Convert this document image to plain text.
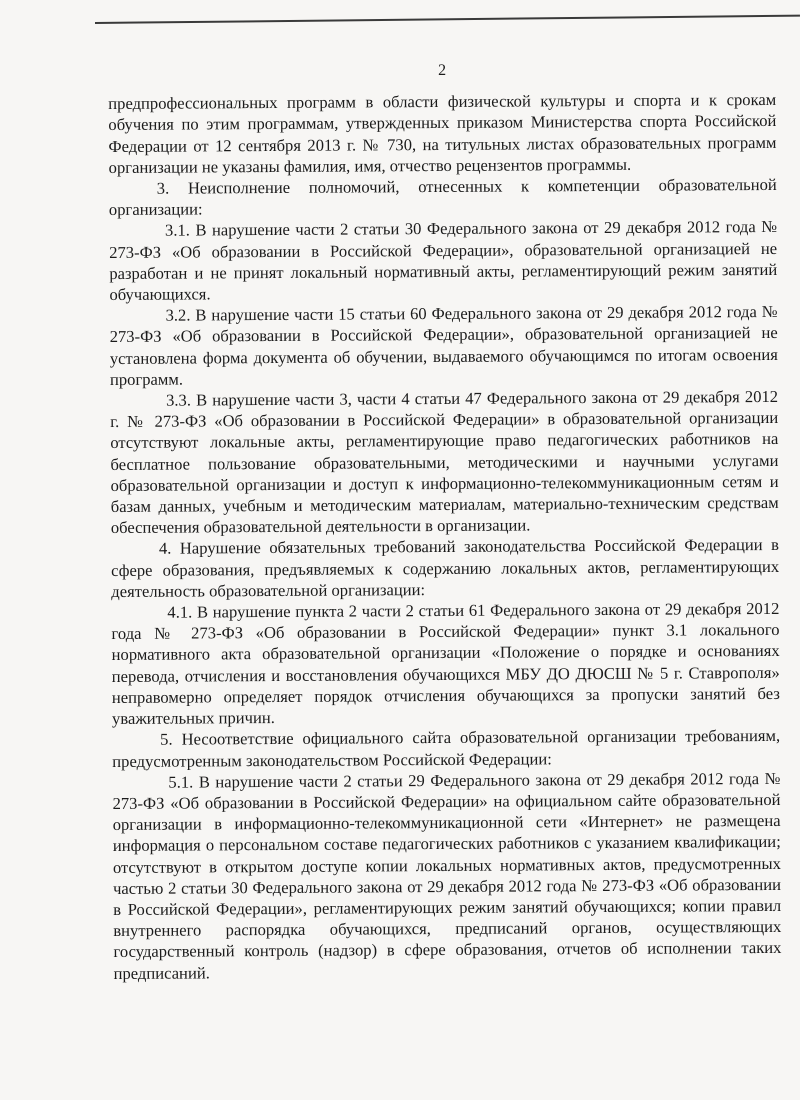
2

предпрофессиональных программ в области физической культуры и спорта и к срокам обучения по этим программам, утвержденных приказом Министерства спорта Российской Федерации от 12 сентября 2013 г. № 730, на титульных листах образовательных программ организации не указаны фамилия, имя, отчество рецензентов программы.

3. Неисполнение полномочий, отнесенных к компетенции образовательной организации:

3.1. В нарушение части 2 статьи 30 Федерального закона от 29 декабря 2012 года № 273-ФЗ «Об образовании в Российской Федерации», образовательной организацией не разработан и не принят локальный нормативный акты, регламентирующий режим занятий обучающихся.

3.2. В нарушение части 15 статьи 60 Федерального закона от 29 декабря 2012 года № 273-ФЗ «Об образовании в Российской Федерации», образовательной организацией не установлена форма документа об обучении, выдаваемого обучающимся по итогам освоения программ.

3.3. В нарушение части 3, части 4 статьи 47 Федерального закона от 29 декабря 2012 г. № 273-ФЗ «Об образовании в Российской Федерации» в образовательной организации отсутствуют локальные акты, регламентирующие право педагогических работников на бесплатное пользование образовательными, методическими и научными услугами образовательной организации и доступ к информационно-телекоммуникационным сетям и базам данных, учебным и методическим материалам, материально-техническим средствам обеспечения образовательной деятельности в организации.

4. Нарушение обязательных требований законодательства Российской Федерации в сфере образования, предъявляемых к содержанию локальных актов, регламентирующих деятельность образовательной организации:

4.1. В нарушение пункта 2 части 2 статьи 61 Федерального закона от 29 декабря 2012 года № 273-ФЗ «Об образовании в Российской Федерации» пункт 3.1 локального нормативного акта образовательной организации «Положение о порядке и основаниях перевода, отчисления и восстановления обучающихся МБУ ДО ДЮСШ № 5 г. Ставрополя» неправомерно определяет порядок отчисления обучающихся за пропуски занятий без уважительных причин.

5. Несоответствие официального сайта образовательной организации требованиям, предусмотренным законодательством Российской Федерации:

5.1. В нарушение части 2 статьи 29 Федерального закона от 29 декабря 2012 года № 273-ФЗ «Об образовании в Российской Федерации» на официальном сайте образовательной организации в информационно-телекоммуникационной сети «Интернет» не размещена информация о персональном составе педагогических работников с указанием квалификации; отсутствуют в открытом доступе копии локальных нормативных актов, предусмотренных частью 2 статьи 30 Федерального закона от 29 декабря 2012 года № 273-ФЗ «Об образовании в Российской Федерации», регламентирующих режим занятий обучающихся; копии правил внутреннего распорядка обучающихся, предписаний органов, осуществляющих государственный контроль (надзор) в сфере образования, отчетов об исполнении таких предписаний.
